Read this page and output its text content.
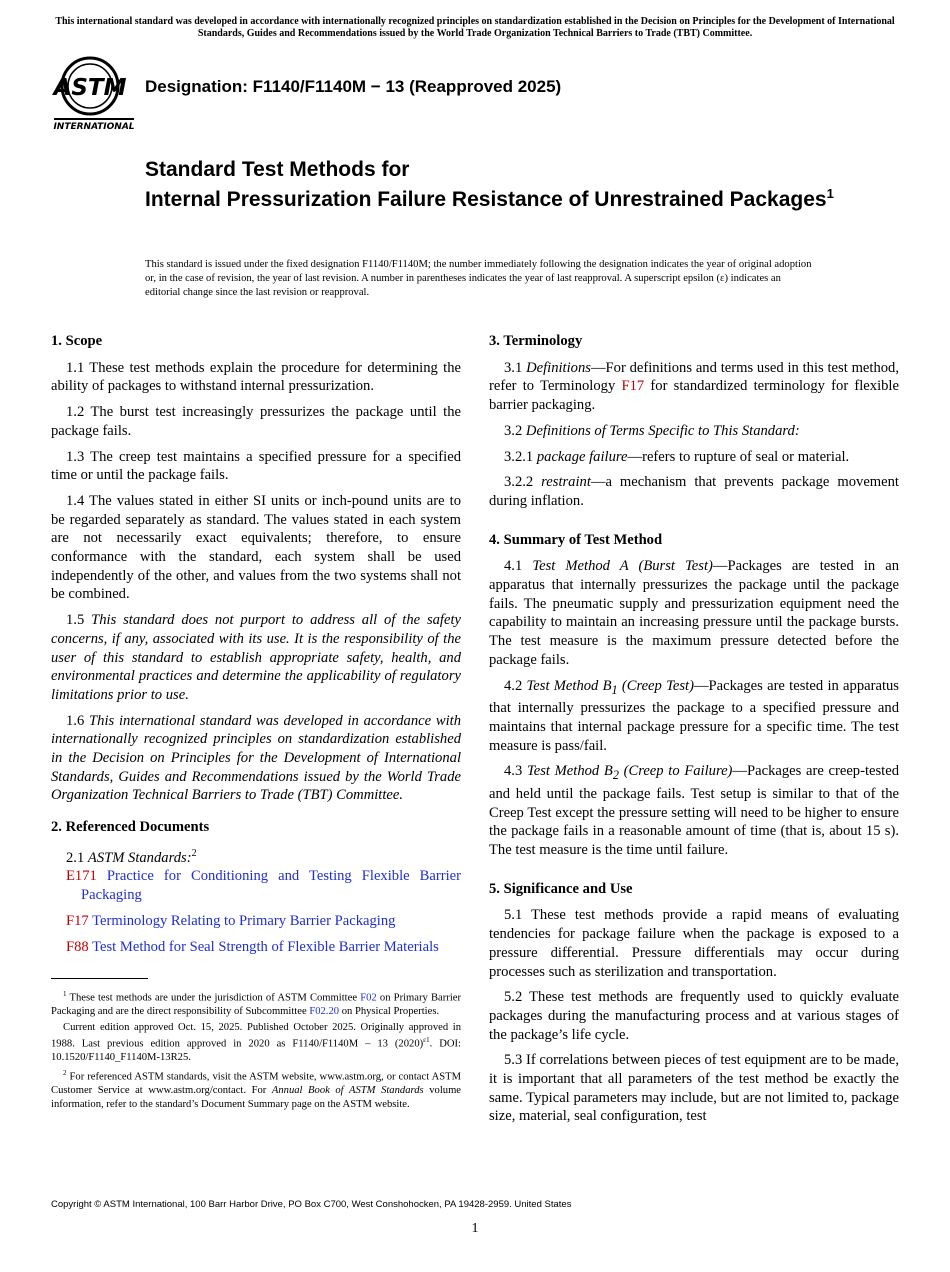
This international standard was developed in accordance with internationally recognized principles on standardization established in the Decision on Principles for the Development of International Standards, Guides and Recommendations issued by the World Trade Organization Technical Barriers to Trade (TBT) Committee.
ASTM
INTERNATIONAL
Designation: F1140/F1140M − 13 (Reapproved 2025)
Standard Test Methods for
Internal Pressurization Failure Resistance of Unrestrained Packages$^1$
This standard is issued under the fixed designation F1140/F1140M; the number immediately following the designation indicates the year of original adoption or, in the case of revision, the year of last revision. A number in parentheses indicates the year of last reapproval. A superscript epsilon (ε) indicates an editorial change since the last revision or reapproval.
1. Scope

1.1 These test methods explain the procedure for determining the ability of packages to withstand internal pressurization.

1.2 The burst test increasingly pressurizes the package until the package fails.

1.3 The creep test maintains a specified pressure for a specified time or until the package fails.

1.4 The values stated in either SI units or inch-pound units are to be regarded separately as standard. The values stated in each system are not necessarily exact equivalents; therefore, to ensure conformance with the standard, each system shall be used independently of the other, and values from the two systems shall not be combined.

1.5 This standard does not purport to address all of the safety concerns, if any, associated with its use. It is the responsibility of the user of this standard to establish appropriate safety, health, and environmental practices and determine the applicability of regulatory limitations prior to use.

1.6 This international standard was developed in accordance with internationally recognized principles on standardization established in the Decision on Principles for the Development of International Standards, Guides and Recommendations issued by the World Trade Organization Technical Barriers to Trade (TBT) Committee.

2. Referenced Documents

2.1 ASTM Standards:$^2$

E171 Practice for Conditioning and Testing Flexible Barrier Packaging

F17 Terminology Relating to Primary Barrier Packaging

F88 Test Method for Seal Strength of Flexible Barrier Materials

$^1$ These test methods are under the jurisdiction of ASTM Committee F02 on Primary Barrier Packaging and are the direct responsibility of Subcommittee F02.20 on Physical Properties.

Current edition approved Oct. 15, 2025. Published October 2025. Originally approved in 1988. Last previous edition approved in 2020 as F1140/F1140M – 13 $(2020)^{\varepsilon 1}$. DOI: 10.1520/F1140_F1140M-13R25.

$^2$ For referenced ASTM standards, visit the ASTM website, www.astm.org, or contact ASTM Customer Service at www.astm.org/contact. For Annual Book of ASTM Standards volume information, refer to the standard’s Document Summary page on the ASTM website.

3. Terminology

3.1 Definitions—For definitions and terms used in this test method, refer to Terminology F17 for standardized terminology for flexible barrier packaging.

3.2 Definitions of Terms Specific to This Standard:

3.2.1 package failure—refers to rupture of seal or material.

3.2.2 restraint—a mechanism that prevents package movement during inflation.

4. Summary of Test Method

4.1 Test Method A (Burst Test)—Packages are tested in an apparatus that internally pressurizes the package until the package fails. The pneumatic supply and pressurization equipment need the capability to maintain an increasing pressure until the package bursts. The test measure is the maximum pressure detected before the package fails.

4.2 Test Method $B_1$ (Creep Test)—Packages are tested in apparatus that internally pressurizes the package to a specified pressure and maintains that internal package pressure for a specific time. The test measure is pass/fail.

4.3 Test Method $B_2$ (Creep to Failure)—Packages are creep-tested and held until the package fails. Test setup is similar to that of the Creep Test except the pressure setting will need to be higher to ensure the package fails in a reasonable amount of time (that is, about 15 s). The test measure is the time until failure.

5. Significance and Use

5.1 These test methods provide a rapid means of evaluating tendencies for package failure when the package is exposed to a pressure differential. Pressure differentials may occur during processes such as sterilization and transportation.

5.2 These test methods are frequently used to quickly evaluate packages during the manufacturing process and at various stages of the package’s life cycle.

5.3 If correlations between pieces of test equipment are to be made, it is important that all parameters of the test method be exactly the same. Typical parameters may include, but are not limited to, package size, material, seal configuration, test

Copyright © ASTM International, 100 Barr Harbor Drive, PO Box C700, West Conshohocken, PA 19428-2959. United States
1
